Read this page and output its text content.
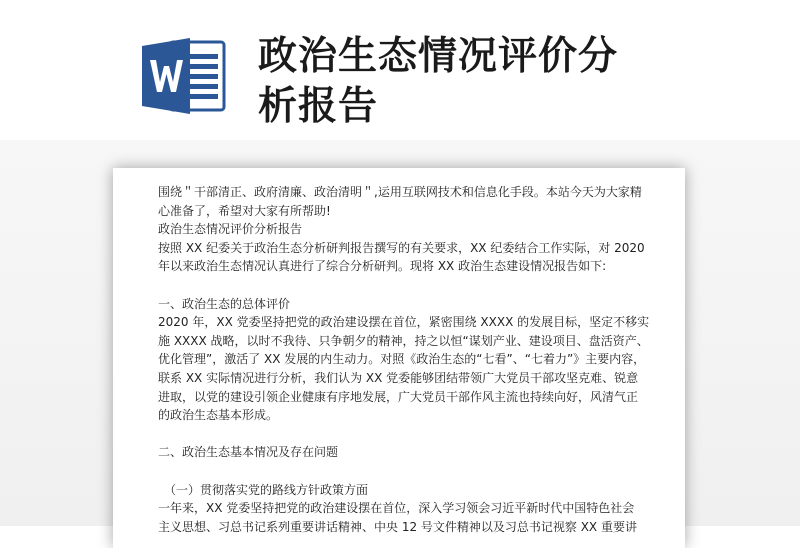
政治生态情况评价分
析报告

围绕＂干部清正、政府清廉、政治清明＂,运用互联网技术和信息化手段。本站今天为大家精

心准备了，希望对大家有所帮助!

政治生态情况评价分析报告

按照 XX 纪委关于政治生态分析研判报告撰写的有关要求，XX 纪委结合工作实际，对 2020

年以来政治生态情况认真进行了综合分析研判。现将 XX 政治生态建设情况报告如下:

一、政治生态的总体评价

2020 年，XX 党委坚持把党的政治建设摆在首位，紧密围绕 XXXX 的发展目标，坚定不移实

施 XXXX 战略，以时不我待、只争朝夕的精神，持之以恒“谋划产业、建设项目、盘活资产、

优化管理”，激活了 XX 发展的内生动力。对照《政治生态的“七看”、“七着力”》主要内容，

联系 XX 实际情况进行分析，我们认为 XX 党委能够团结带领广大党员干部攻坚克难、锐意

进取，以党的建设引领企业健康有序地发展，广大党员干部作风主流也持续向好，风清气正

的政治生态基本形成。

二、政治生态基本情况及存在问题

（一）贯彻落实党的路线方针政策方面

一年来，XX 党委坚持把党的政治建设摆在首位，深入学习领会习近平新时代中国特色社会

主义思想、习总书记系列重要讲话精神、中央 12 号文件精神以及习总书记视察 XX 重要讲
